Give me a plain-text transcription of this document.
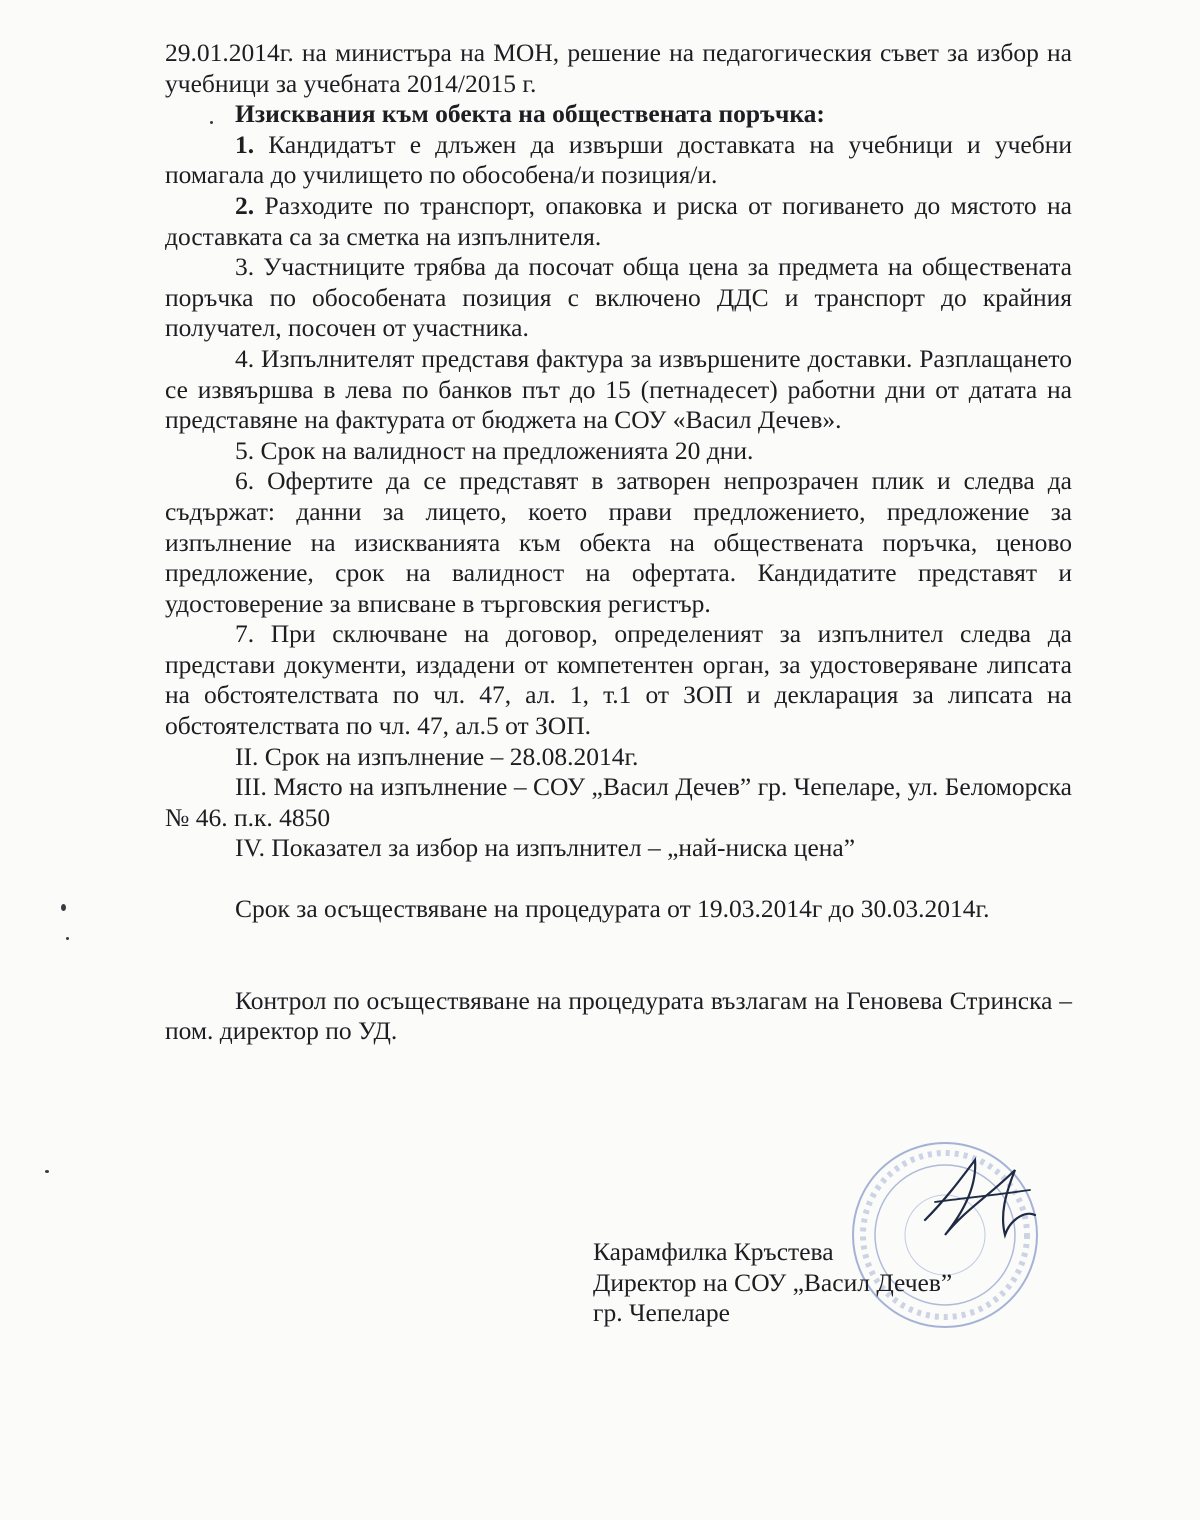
29.01.2014г. на министъра на МОН, решение на педагогическия съвет за избор на учебници за учебната 2014/2015 г.

Изисквания към обекта на обществената поръчка:

1. Кандидатът е длъжен да извърши доставката на учебници и учебни помагала до училището по обособена/и позиция/и.

2. Разходите по транспорт, опаковка и риска от погиването до мястото на доставката са за сметка на изпълнителя.

3. Участниците трябва да посочат обща цена за предмета на обществената поръчка по обособената позиция с включено ДДС и транспорт до крайния получател, посочен от участника.

4. Изпълнителят представя фактура за извършените доставки. Разплащането се извяършва в лева по банков път до 15 (петнадесет) работни дни от датата на представяне на фактурата от бюджета на СОУ «Васил Дечев».

5. Срок на валидност на предложенията 20 дни.

6. Офертите да се представят в затворен непрозрачен плик и следва да съдържат: данни за лицето, което прави предложението, предложение за изпълнение на изискванията към обекта на обществената поръчка, ценово предложение, срок на валидност на офертата. Кандидатите представят и удостоверение за вписване в търговския регистър.

7. При сключване на договор, определеният за изпълнител следва да представи документи, издадени от компетентен орган, за удостоверяване липсата на обстоятелствата по чл. 47, ал. 1, т.1 от ЗОП и декларация за липсата на обстоятелствата по чл. 47, ал.5 от ЗОП.

II. Срок на изпълнение – 28.08.2014г.

III. Място на изпълнение – СОУ „Васил Дечев” гр. Чепеларе, ул. Беломорска № 46. п.к. 4850

IV. Показател за избор на изпълнител – „най-ниска цена”

Срок за осъществяване на процедурата от 19.03.2014г до 30.03.2014г.

Контрол по осъществяване на процедурата възлагам на Геновева Стринска – пом. директор по УД.

Карамфилка Кръстева
Директор на СОУ „Васил Дечев”
гр. Чепеларе
